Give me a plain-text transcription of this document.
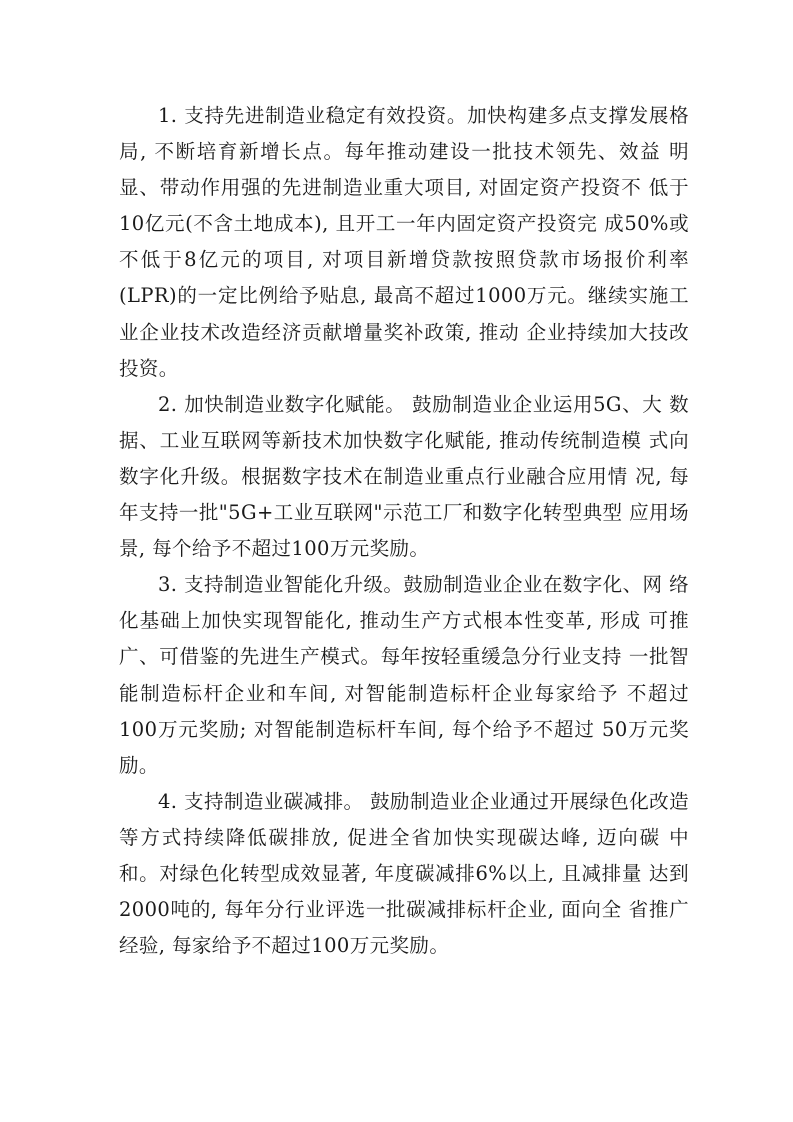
1. 支持先进制造业稳定有效投资。加快构建多点支撑发展格局, 不断培育新增长点。每年推动建设一批技术领先、效益 明显、带动作用强的先进制造业重大项目, 对固定资产投资不 低于10亿元(不含土地成本), 且开工一年内固定资产投资完 成50%或不低于8亿元的项目, 对项目新增贷款按照贷款市场报价利率(LPR)的一定比例给予贴息, 最高不超过1000万元。继续实施工业企业技术改造经济贡献增量奖补政策, 推动 企业持续加大技改投资。

2. 加快制造业数字化赋能。 鼓励制造业企业运用5G、大 数据、工业互联网等新技术加快数字化赋能, 推动传统制造模 式向数字化升级。根据数字技术在制造业重点行业融合应用情 况, 每年支持一批"5G+工业互联网"示范工厂和数字化转型典型 应用场景, 每个给予不超过100万元奖励。

3. 支持制造业智能化升级。鼓励制造业企业在数字化、网 络化基础上加快实现智能化, 推动生产方式根本性变革, 形成 可推广、可借鉴的先进生产模式。每年按轻重缓急分行业支持 一批智能制造标杆企业和车间, 对智能制造标杆企业每家给予 不超过100万元奖励; 对智能制造标杆车间, 每个给予不超过 50万元奖励。

4. 支持制造业碳减排。 鼓励制造业企业通过开展绿色化改造等方式持续降低碳排放, 促进全省加快实现碳达峰, 迈向碳 中和。对绿色化转型成效显著, 年度碳减排6%以上, 且减排量 达到2000吨的, 每年分行业评选一批碳减排标杆企业, 面向全 省推广经验, 每家给予不超过100万元奖励。
